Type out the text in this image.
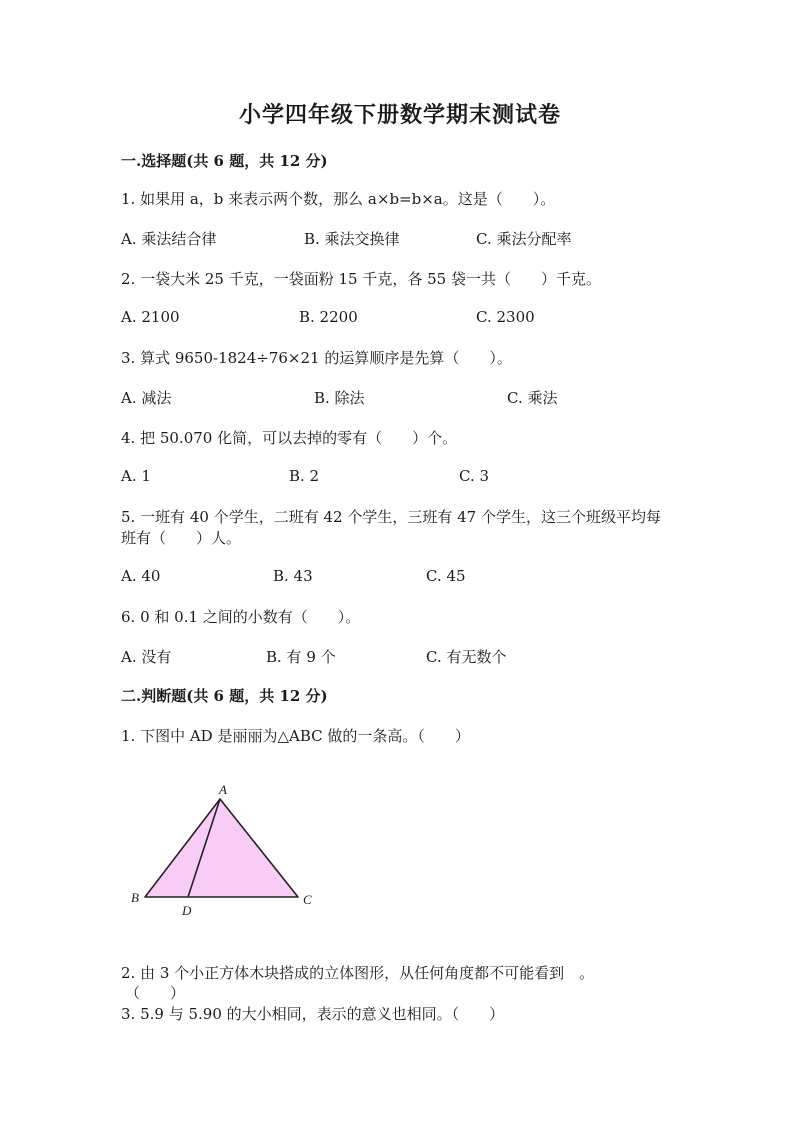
小学四年级下册数学期末测试卷
一.选择题(共 6 题，共 12 分)
1. 如果用 a，b 来表示两个数，那么 a×b=b×a。这是（　　）。
A. 乘法结合律	B. 乘法交换律	C. 乘法分配率
2. 一袋大米 25 千克，一袋面粉 15 千克，各 55 袋一共（　　）千克。
A. 2100	B. 2200	C. 2300
3. 算式 9650-1824÷76×21 的运算顺序是先算（　　）。
A. 减法	B. 除法	C. 乘法
4. 把 50.070 化简，可以去掉的零有（　　）个。
A. 1	B. 2	C. 3
5. 一班有 40 个学生，二班有 42 个学生，三班有 47 个学生，这三个班级平均每
班有（　　）人。
A. 40	B. 43	C. 45
6. 0 和 0.1 之间的小数有（　　）。
A. 没有	B. 有 9 个	C. 有无数个
二.判断题(共 6 题，共 12 分)
1. 下图中 AD 是丽丽为△ABC 做的一条高。（　　）
A
B	C
D
2. 由 3 个小正方体木块搭成的立体图形，从任何角度都不可能看到　。
（　　）
3. 5.9 与 5.90 的大小相同，表示的意义也相同。（　　）
